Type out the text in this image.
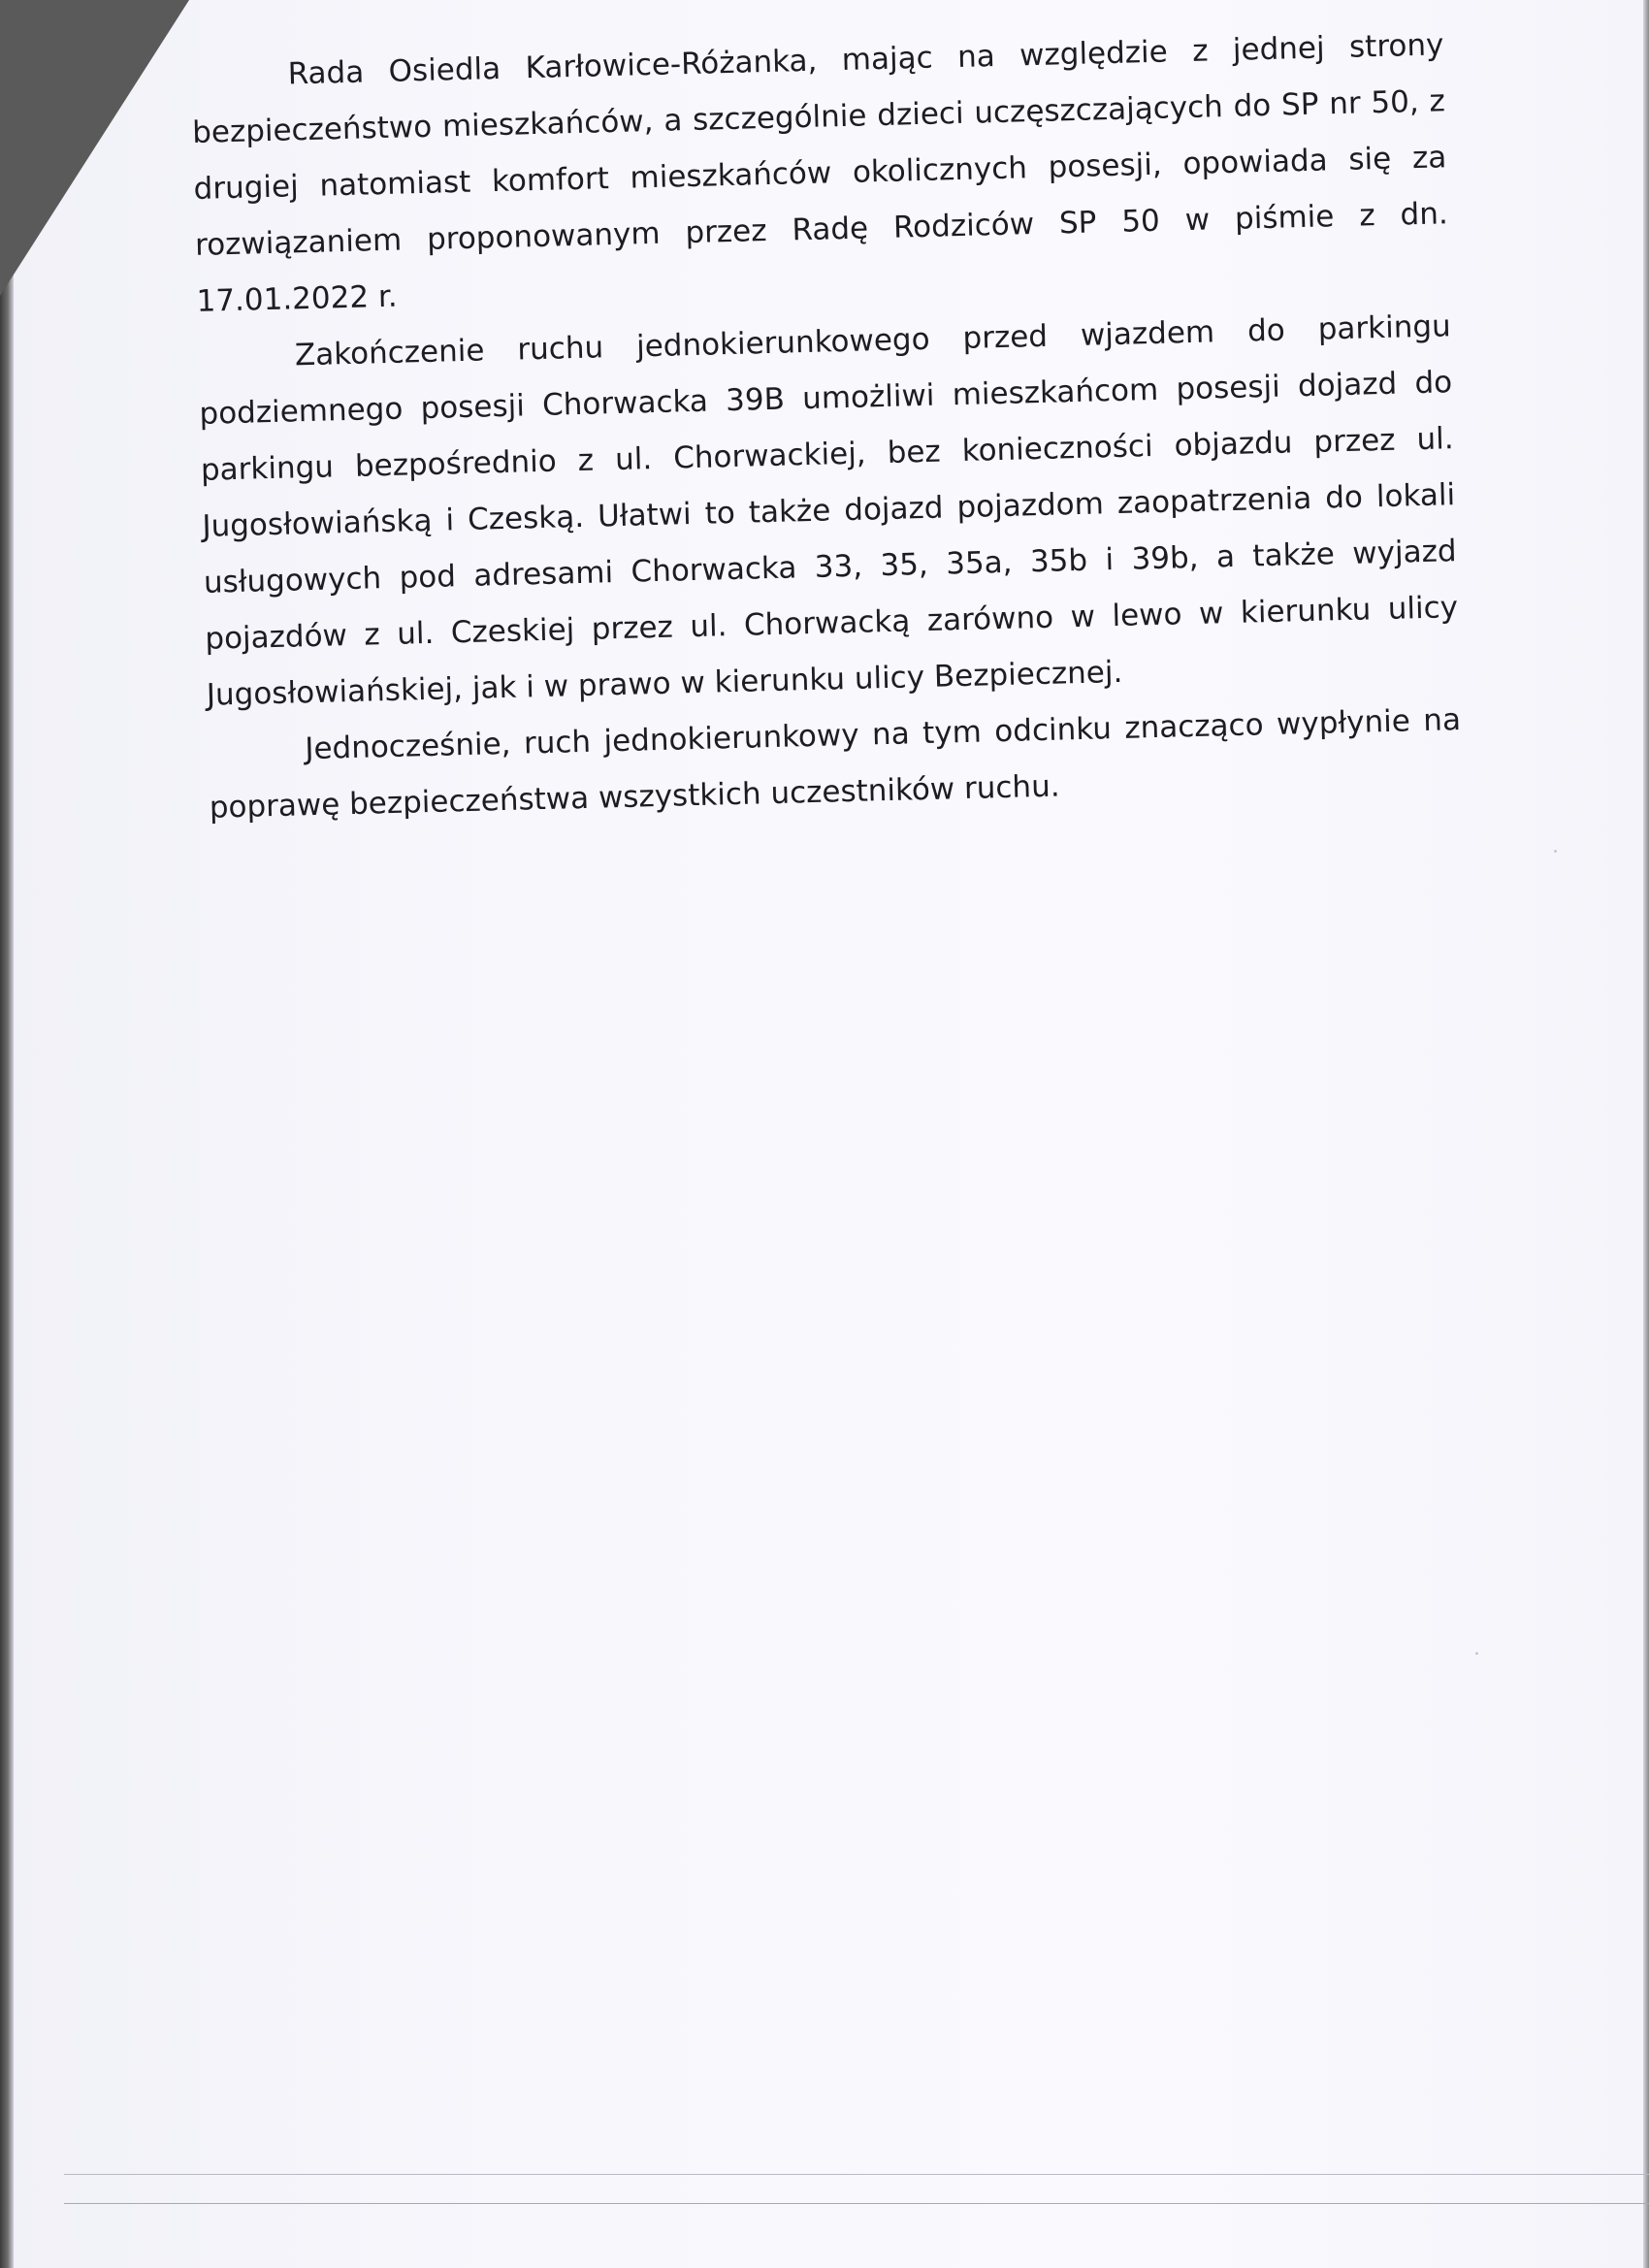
Rada Osiedla Karłowice-Różanka, mając na względzie z jednej strony bezpieczeństwo mieszkańców, a szczególnie dzieci uczęszczających do SP nr 50, z drugiej natomiast komfort mieszkańców okolicznych posesji, opowiada się za rozwiązaniem proponowanym przez Radę Rodziców SP 50 w piśmie z dn. 17.01.2022 r.

Zakończenie ruchu jednokierunkowego przed wjazdem do parkingu podziemnego posesji Chorwacka 39B umożliwi mieszkańcom posesji dojazd do parkingu bezpośrednio z ul. Chorwackiej, bez konieczności objazdu przez ul. Jugosłowiańską i Czeską. Ułatwi to także dojazd pojazdom zaopatrzenia do lokali usługowych pod adresami Chorwacka 33, 35, 35a, 35b i 39b, a także wyjazd pojazdów z ul. Czeskiej przez ul. Chorwacką zarówno w lewo w kierunku ulicy Jugosłowiańskiej, jak i w prawo w kierunku ulicy Bezpiecznej.

Jednocześnie, ruch jednokierunkowy na tym odcinku znacząco wypłynie na poprawę bezpieczeństwa wszystkich uczestników ruchu.
